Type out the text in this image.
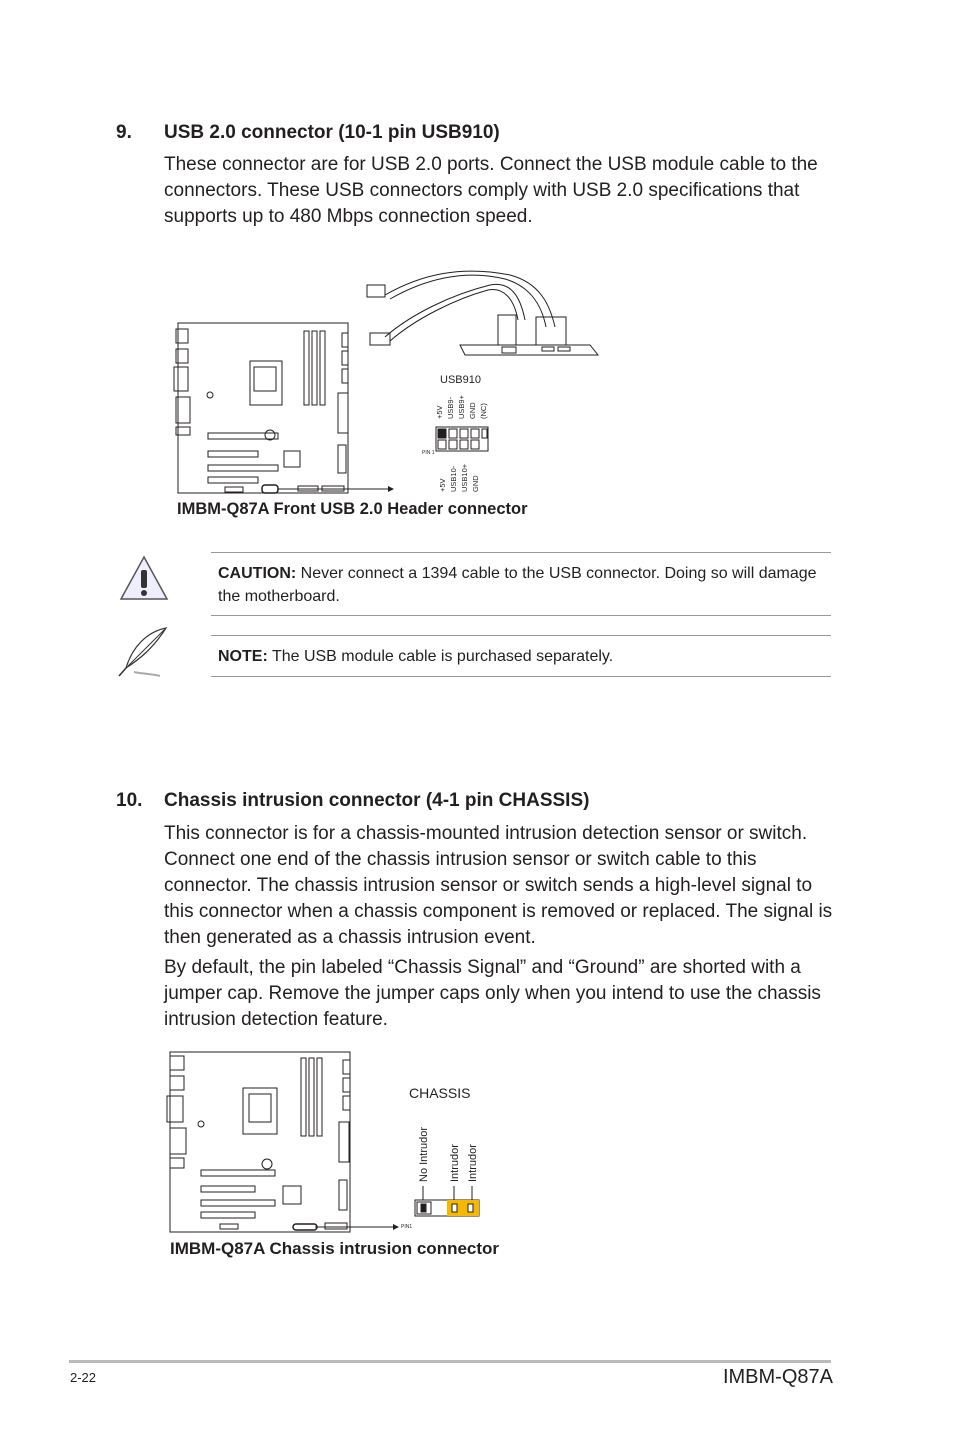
9. USB 2.0 connector (10-1 pin USB910)
These connector are for USB 2.0 ports. Connect the USB module cable to the connectors. These USB connectors comply with USB 2.0 specifications that supports up to 480 Mbps connection speed.
USB910
+5V USB9- USB9+ GND (NC)
PIN 1
+5V USB10- USB10+ GND
IMBM-Q87A Front USB 2.0 Header connector
CAUTION: Never connect a 1394 cable to the USB connector. Doing so will damage the motherboard.
NOTE: The USB module cable is purchased separately.
10. Chassis intrusion connector (4-1 pin CHASSIS)
This connector is for a chassis-mounted intrusion detection sensor or switch. Connect one end of the chassis intrusion sensor or switch cable to this connector. The chassis intrusion sensor or switch sends a high-level signal to this connector when a chassis component is removed or replaced. The signal is then generated as a chassis intrusion event.
By default, the pin labeled “Chassis Signal” and “Ground” are shorted with a jumper cap. Remove the jumper caps only when you intend to use the chassis intrusion detection feature.
CHASSIS
No Intrudor Intrudor Intrudor
PIN1
IMBM-Q87A Chassis intrusion connector
2-22	IMBM-Q87A
